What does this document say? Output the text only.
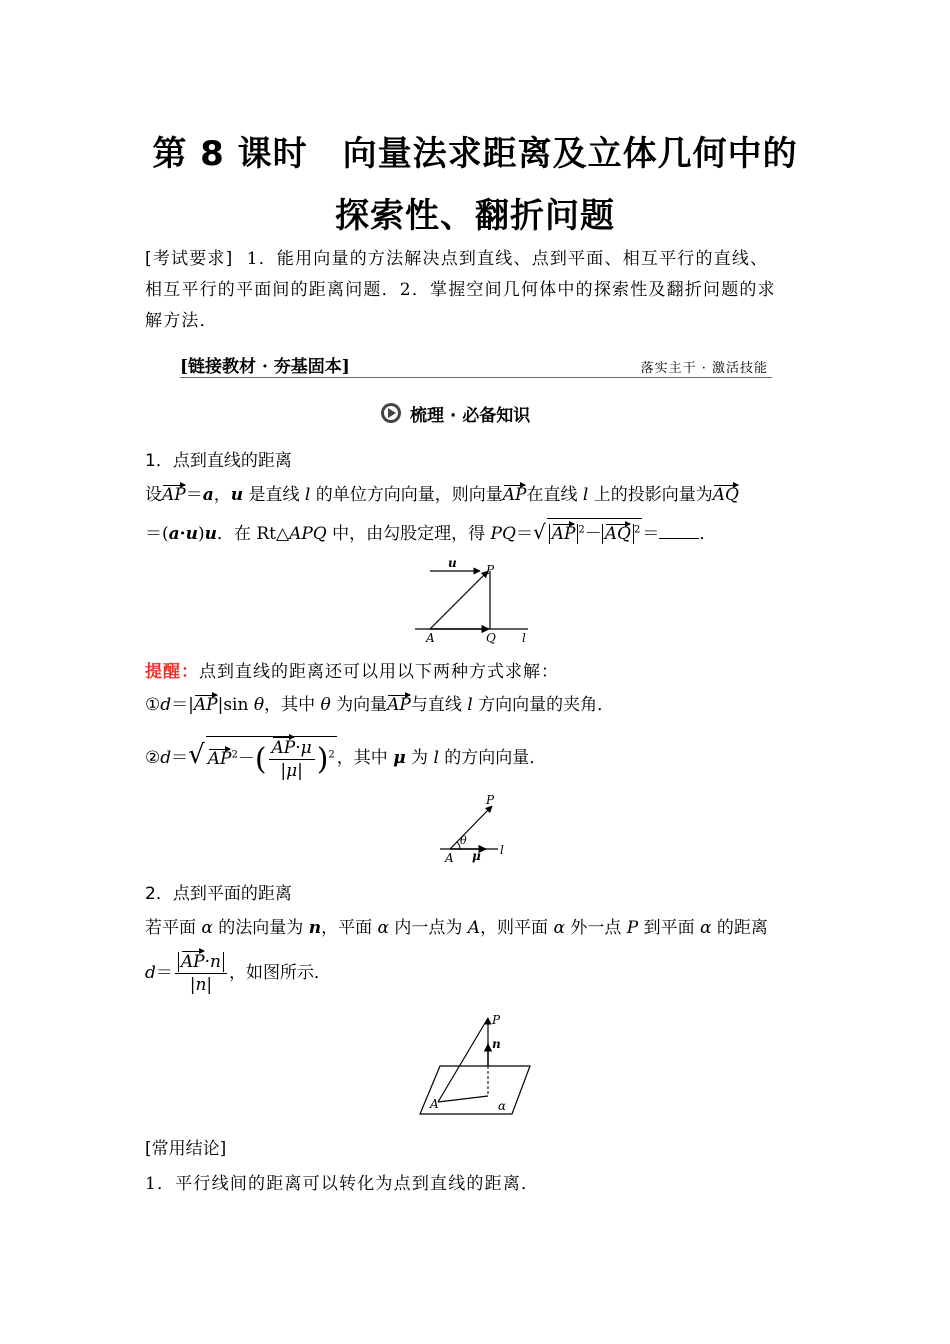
第 8 课时　向量法求距离及立体几何中的
探索性、翻折问题
[考试要求] 1．能用向量的方法解决点到直线、点到平面、相互平行的直线、
相互平行的平面间的距离问题．2．掌握空间几何体中的探索性及翻折问题的求
解方法．
[链接教材 · 夯基固本]	落实主干 · 激活技能
梳理 · 必备知识
1．点到直线的距离
设AP＝a，u 是直线 l 的单位方向向量，则向量AP在直线 l 上的投影向量为AQ
＝(a·u)u．在 Rt△APQ 中，由勾股定理，得 PQ＝√ AP $^2$－ AQ $^2$ ＝ ．
u P
A	Q l
提醒：点到直线的距离还可以用以下两种方式求解：
①d＝|AP|sin θ，其中 θ 为向量AP与直线 l 方向向量的夹角．
②d＝√ $AP^2-( \frac{AP\cdot\mu}{|\mu|} )^2$ ，其中 μ 为 l 的方向向量．
P
θ
A μ l
2．点到平面的距离
若平面 α 的法向量为 n，平面 α 内一点为 A，则平面 α 外一点 P 到平面 α 的距离
$d= \frac{AP\cdot n}{|n|}$ ，如图所示．
P
n
A	α
[常用结论]
1．平行线间的距离可以转化为点到直线的距离．
